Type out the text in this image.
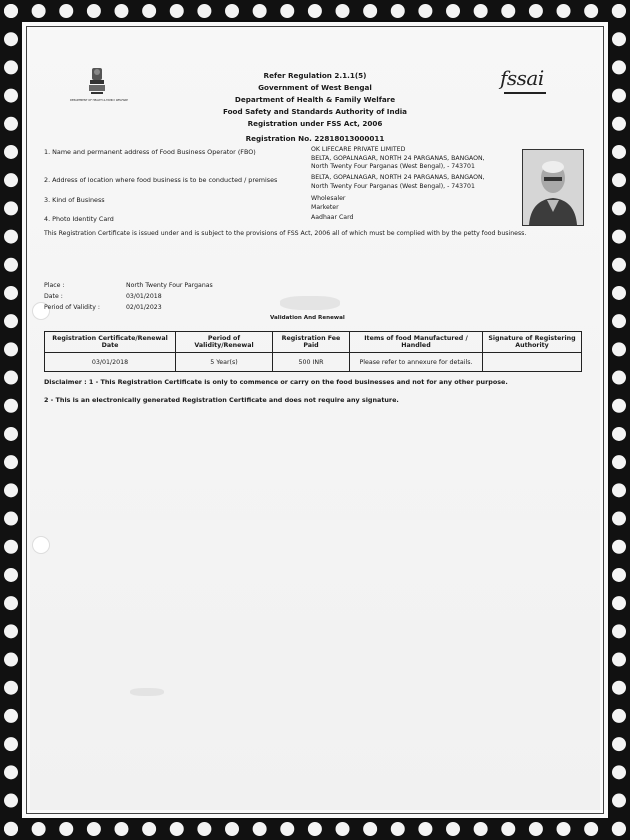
DEPARTMENT OF HEALTH & FAMILY WELFARE
fssai
Refer Regulation 2.1.1(5)
Government of West Bengal
Department of Health & Family Welfare
Food Safety and Standards Authority of India
Registration under FSS Act, 2006
Registration No. 22818013000011
1. Name and permanent address of Food Business Operator (FBO)	OK LIFECARE PRIVATE LIMITED
BELTA, GOPALNAGAR, NORTH 24 PARGANAS, BANGAON,
North Twenty Four Parganas (West Bengal), - 743701
2. Address of location where food business is to be conducted / premises	BELTA, GOPALNAGAR, NORTH 24 PARGANAS, BANGAON,
North Twenty Four Parganas (West Bengal), - 743701
3. Kind of Business	Wholesaler
Marketer
4. Photo Identity Card	Aadhaar Card
This Registration Certificate is issued under and is subject to the provisions of FSS Act, 2006 all of which must be complied with by the petty food business.
Place :	North Twenty Four Parganas
Date :	03/01/2018
Period of Validity :	02/01/2023
Validation And Renewal
Registration Certificate/Renewal Date	Period of Validity/Renewal	Registration Fee Paid	Items of food Manufactured / Handled	Signature of Registering Authority
03/01/2018	5 Year(s)	500 INR	Please refer to annexure for details.	
Disclaimer : 1 - This Registration Certificate is only to commence or carry on the food businesses and not for any other purpose.
2 - This is an electronically generated Registration Certificate and does not require any signature.
